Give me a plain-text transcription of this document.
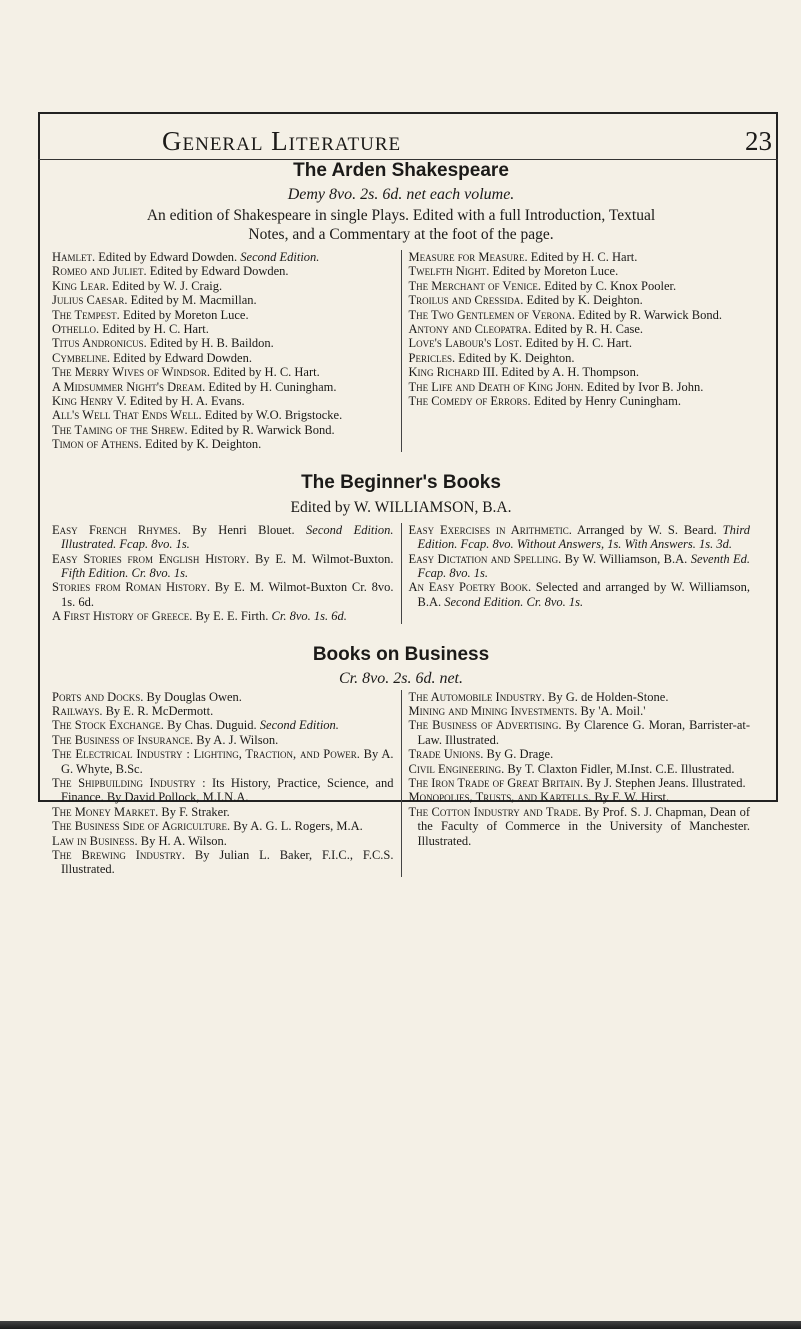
General Literature	23
The Arden Shakespeare

Demy 8vo. 2s. 6d. net each volume.

An edition of Shakespeare in single Plays. Edited with a full Introduction, Textual
Notes, and a Commentary at the foot of the page.

Hamlet. Edited by Edward Dowden. Second Edition.

Romeo and Juliet. Edited by Edward Dowden.

King Lear. Edited by W. J. Craig.

Julius Caesar. Edited by M. Macmillan.

The Tempest. Edited by Moreton Luce.

Othello. Edited by H. C. Hart.

Titus Andronicus. Edited by H. B. Baildon.

Cymbeline. Edited by Edward Dowden.

The Merry Wives of Windsor. Edited by H. C. Hart.

A Midsummer Night's Dream. Edited by H. Cuningham.

King Henry V. Edited by H. A. Evans.

All's Well That Ends Well. Edited by W.O. Brigstocke.

The Taming of the Shrew. Edited by R. Warwick Bond.

Timon of Athens. Edited by K. Deighton.

Measure for Measure. Edited by H. C. Hart.

Twelfth Night. Edited by Moreton Luce.

The Merchant of Venice. Edited by C. Knox Pooler.

Troilus and Cressida. Edited by K. Deighton.

The Two Gentlemen of Verona. Edited by R. Warwick Bond.

Antony and Cleopatra. Edited by R. H. Case.

Love's Labour's Lost. Edited by H. C. Hart.

Pericles. Edited by K. Deighton.

King Richard III. Edited by A. H. Thompson.

The Life and Death of King John. Edited by Ivor B. John.

The Comedy of Errors. Edited by Henry Cuningham.

The Beginner's Books

Edited by W. WILLIAMSON, B.A.

Easy French Rhymes. By Henri Blouet. Second Edition. Illustrated. Fcap. 8vo. 1s.

Easy Stories from English History. By E. M. Wilmot-Buxton. Fifth Edition. Cr. 8vo. 1s.

Stories from Roman History. By E. M. Wilmot-Buxton Cr. 8vo. 1s. 6d.

A First History of Greece. By E. E. Firth. Cr. 8vo. 1s. 6d.

Easy Exercises in Arithmetic. Arranged by W. S. Beard. Third Edition. Fcap. 8vo. Without Answers, 1s. With Answers. 1s. 3d.

Easy Dictation and Spelling. By W. Williamson, B.A. Seventh Ed. Fcap. 8vo. 1s.

An Easy Poetry Book. Selected and arranged by W. Williamson, B.A. Second Edition. Cr. 8vo. 1s.

Books on Business

Cr. 8vo. 2s. 6d. net.

Ports and Docks. By Douglas Owen.

Railways. By E. R. McDermott.

The Stock Exchange. By Chas. Duguid. Second Edition.

The Business of Insurance. By A. J. Wilson.

The Electrical Industry : Lighting, Traction, and Power. By A. G. Whyte, B.Sc.

The Shipbuilding Industry : Its History, Practice, Science, and Finance. By David Pollock, M.I.N.A.

The Money Market. By F. Straker.

The Business Side of Agriculture. By A. G. L. Rogers, M.A.

Law in Business. By H. A. Wilson.

The Brewing Industry. By Julian L. Baker, F.I.C., F.C.S. Illustrated.

The Automobile Industry. By G. de Holden-Stone.

Mining and Mining Investments. By 'A. Moil.'

The Business of Advertising. By Clarence G. Moran, Barrister-at-Law. Illustrated.

Trade Unions. By G. Drage.

Civil Engineering. By T. Claxton Fidler, M.Inst. C.E. Illustrated.

The Iron Trade of Great Britain. By J. Stephen Jeans. Illustrated.

Monopolies, Trusts, and Kartells. By F. W. Hirst.

The Cotton Industry and Trade. By Prof. S. J. Chapman, Dean of the Faculty of Commerce in the University of Manchester. Illustrated.
